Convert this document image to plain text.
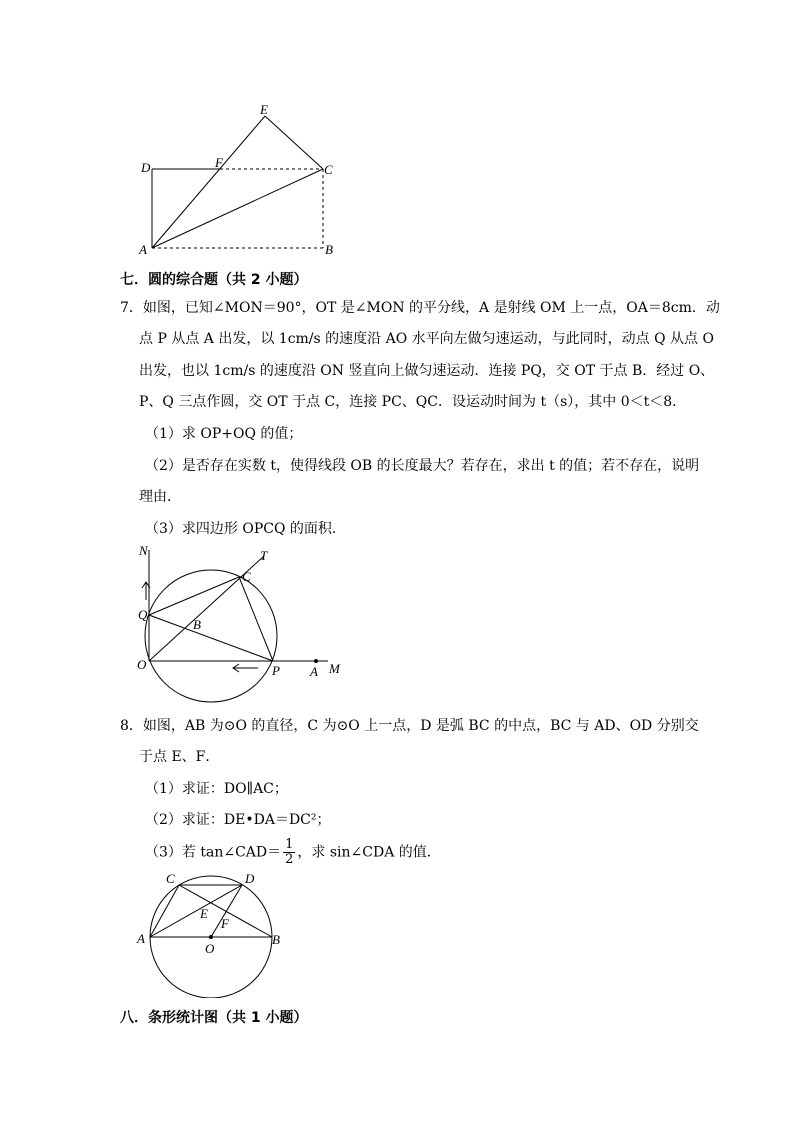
E
D	F	C
A	B
七．圆的综合题（共 2 小题）
7．如图，已知∠MON＝90°，OT 是∠MON 的平分线，A 是射线 OM 上一点，OA＝8cm．动
点 P 从点 A 出发，以 1cm/s 的速度沿 AO 水平向左做匀速运动，与此同时，动点 Q 从点 O
出发，也以 1cm/s 的速度沿 ON 竖直向上做匀速运动．连接 PQ，交 OT 于点 B．经过 O、
P、Q 三点作圆，交 OT 于点 C，连接 PC、QC．设运动时间为 t（s），其中 0＜t＜8．
（1）求 OP+OQ 的值；
（2）是否存在实数 t，使得线段 OB 的长度最大？若存在，求出 t 的值；若不存在，说明
理由．
（3）求四边形 OPCQ 的面积．
N	T
C
Q
B
O	P A M
8．如图，AB 为⊙O 的直径，C 为⊙O 上一点，D 是弧 BC 的中点，BC 与 AD、OD 分别交
于点 E、F．
（1）求证：DO∥AC；
（2）求证：DE•DA＝DC²；
（3）若 tan∠CAD＝ $\frac{1}{2}$ ，求 sin∠CDA 的值．
C	D
E
F
A
O
B
八．条形统计图（共 1 小题）
